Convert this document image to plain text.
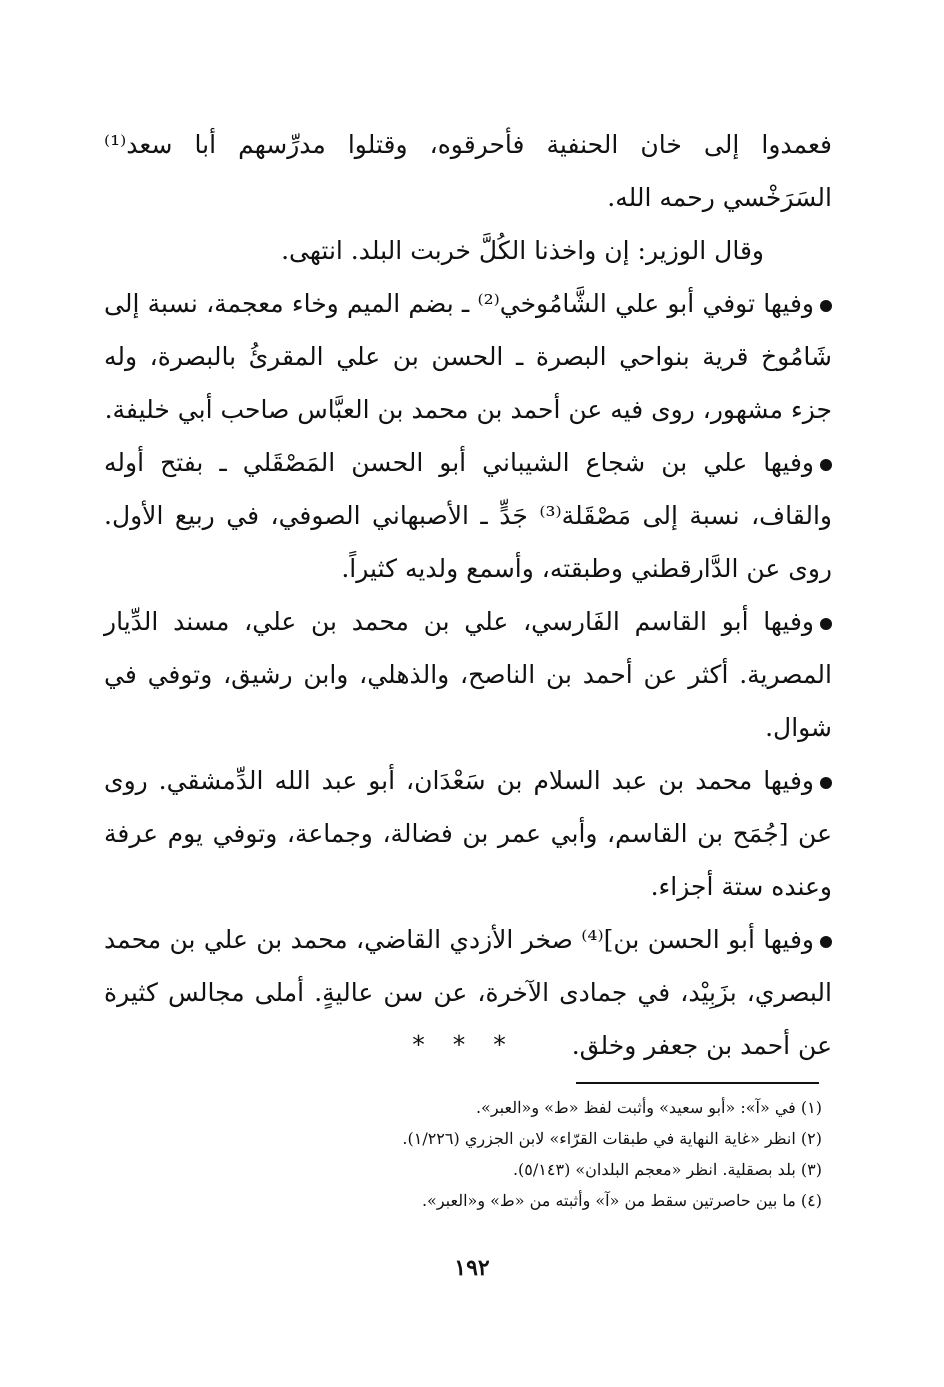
فعمدوا إلى خان الحنفية فأحرقوه، وقتلوا مدرِّسهم أبا سعد⁽¹⁾ السَرَخْسي رحمه الله.

وقال الوزير: إن واخذنا الكُلَّ خربت البلد. انتهى.

وفيها توفي أبو علي الشَّامُوخي⁽²⁾ ـ بضم الميم وخاء معجمة، نسبة إلى شَامُوخ قرية بنواحي البصرة ـ الحسن بن علي المقرئُ بالبصرة، وله جزء مشهور، روى فيه عن أحمد بن محمد بن العبَّاس صاحب أبي خليفة.

وفيها علي بن شجاع الشيباني أبو الحسن المَصْقَلي ـ بفتح أوله والقاف، نسبة إلى مَصْقَلة⁽³⁾ جَدٍّ ـ الأصبهاني الصوفي، في ربيع الأول. روى عن الدَّارقطني وطبقته، وأسمع ولديه كثيراً.

وفيها أبو القاسم الفَارسي، علي بن محمد بن علي، مسند الدِّيار المصرية. أكثر عن أحمد بن الناصح، والذهلي، وابن رشيق، وتوفي في شوال.

وفيها محمد بن عبد السلام بن سَعْدَان، أبو عبد الله الدِّمشقي. روى عن [جُمَح بن القاسم، وأبي عمر بن فضالة، وجماعة، وتوفي يوم عرفة وعنده ستة أجزاء.

وفيها أبو الحسن بن]⁽⁴⁾ صخر الأزدي القاضي، محمد بن علي بن محمد البصري، بزَبِيْد، في جمادى الآخرة، عن سن عاليةٍ. أملى مجالس كثيرة عن أحمد بن جعفر وخلق.

* * *

(١) في «آ»: «أبو سعيد» وأثبت لفظ «ط» و«العبر».

(٢) انظر «غاية النهاية في طبقات القرّاء» لابن الجزري (١/٢٢٦).

(٣) بلد بصقلية. انظر «معجم البلدان» (٥/١٤٣).

(٤) ما بين حاصرتين سقط من «آ» وأثبته من «ط» و«العبر».

١٩٢
